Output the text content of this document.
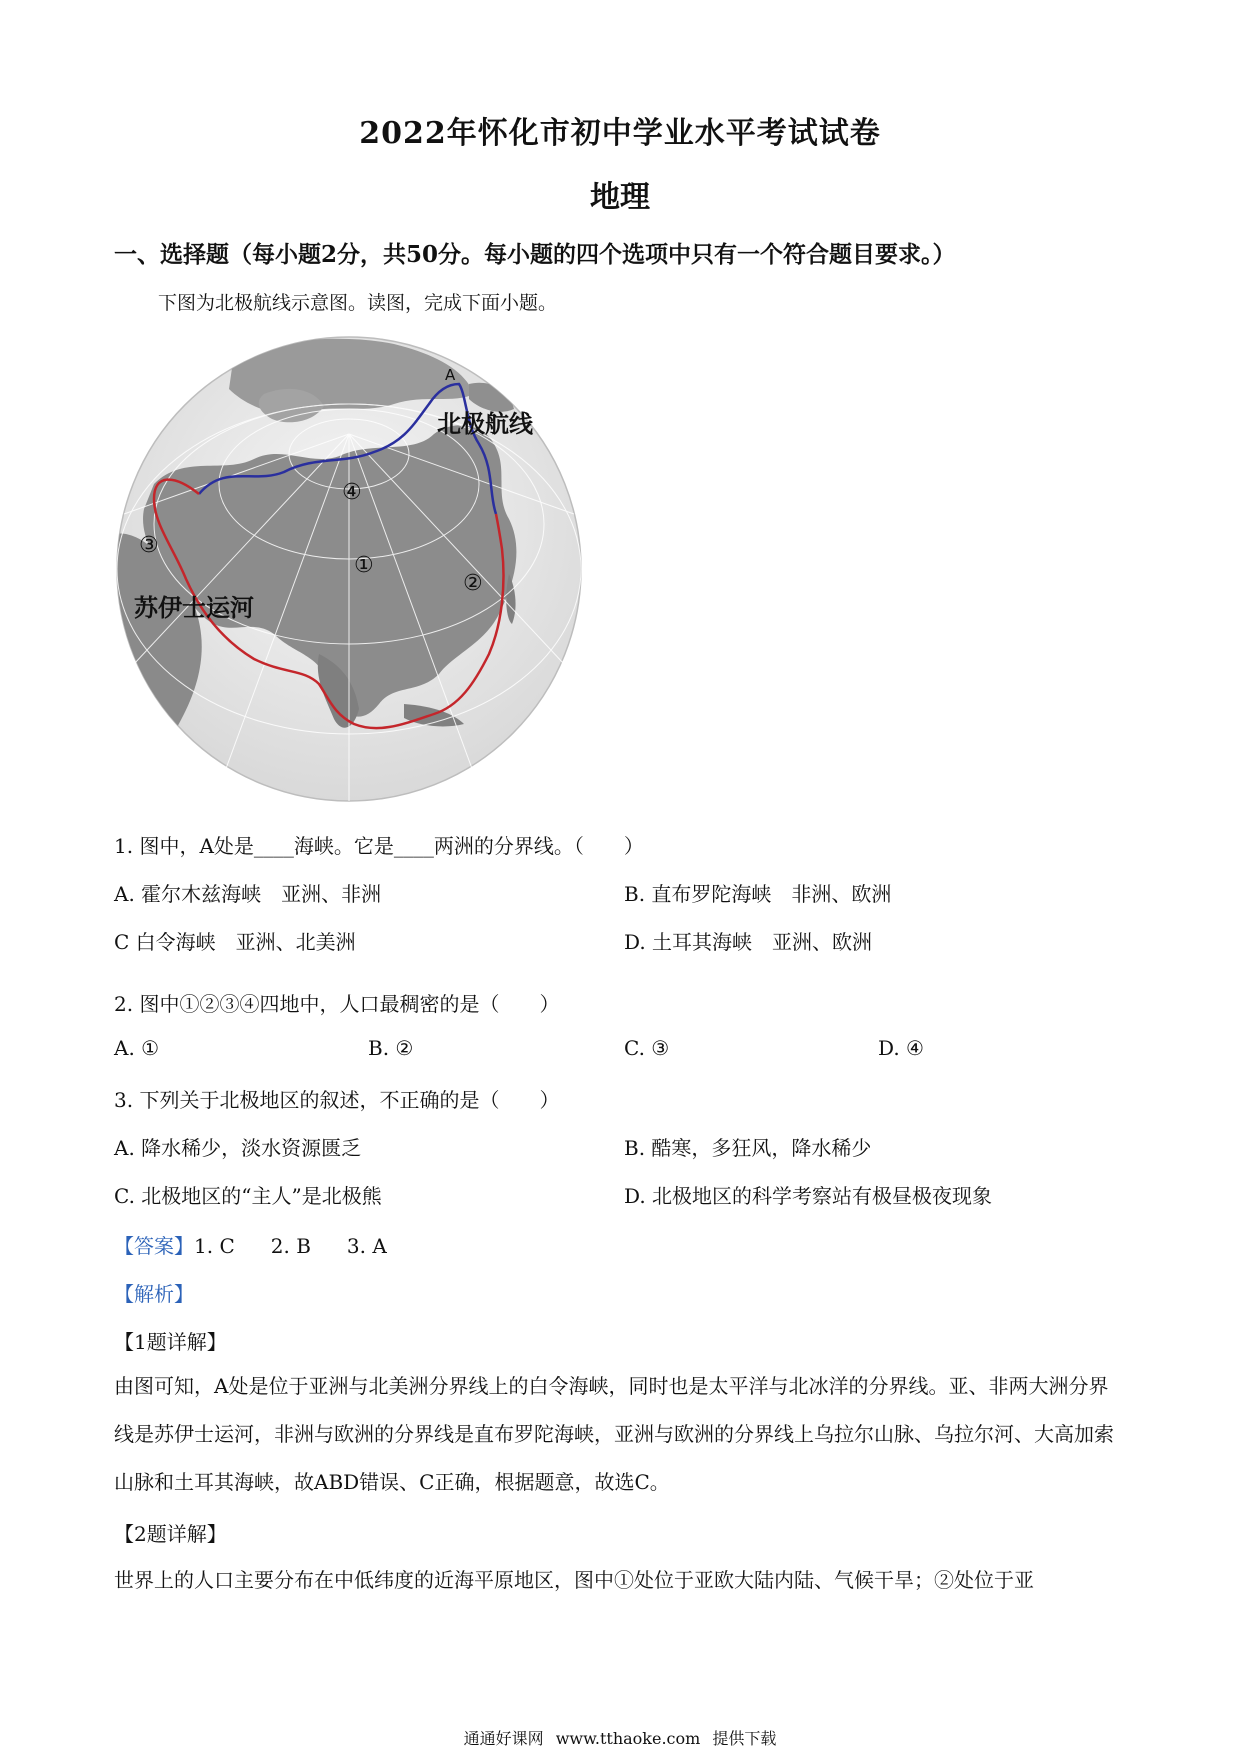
2022年怀化市初中学业水平考试试卷
地理
一、选择题（每小题2分，共50分。每小题的四个选项中只有一个符合题目要求。）
下图为北极航线示意图。读图，完成下面小题。
A
北极航线
苏伊士运河
④
①
②
③
1. 图中，A处是____海峡。它是____两洲的分界线。（　　）
A. 霍尔木兹海峡　亚洲、非洲	B. 直布罗陀海峡　非洲、欧洲
C 白令海峡　亚洲、北美洲	D. 土耳其海峡　亚洲、欧洲
2. 图中①②③④四地中，人口最稠密的是（　　）
A. ①	B. ②	C. ③	D. ④
3. 下列关于北极地区的叙述，不正确的是（　　）
A. 降水稀少，淡水资源匮乏	B. 酷寒，多狂风，降水稀少
C. 北极地区的“主人”是北极熊	D. 北极地区的科学考察站有极昼极夜现象
【答案】1. C 2. B 3. A
【解析】
【1题详解】
由图可知，A处是位于亚洲与北美洲分界线上的白令海峡，同时也是太平洋与北冰洋的分界线。亚、非两大洲分界线是苏伊士运河，非洲与欧洲的分界线是直布罗陀海峡，亚洲与欧洲的分界线上乌拉尔山脉、乌拉尔河、大高加索山脉和土耳其海峡，故ABD错误、C正确，根据题意，故选C。
【2题详解】
世界上的人口主要分布在中低纬度的近海平原地区，图中①处位于亚欧大陆内陆、气候干旱；②处位于亚
通通好课网 www.tthaoke.com 提供下载
